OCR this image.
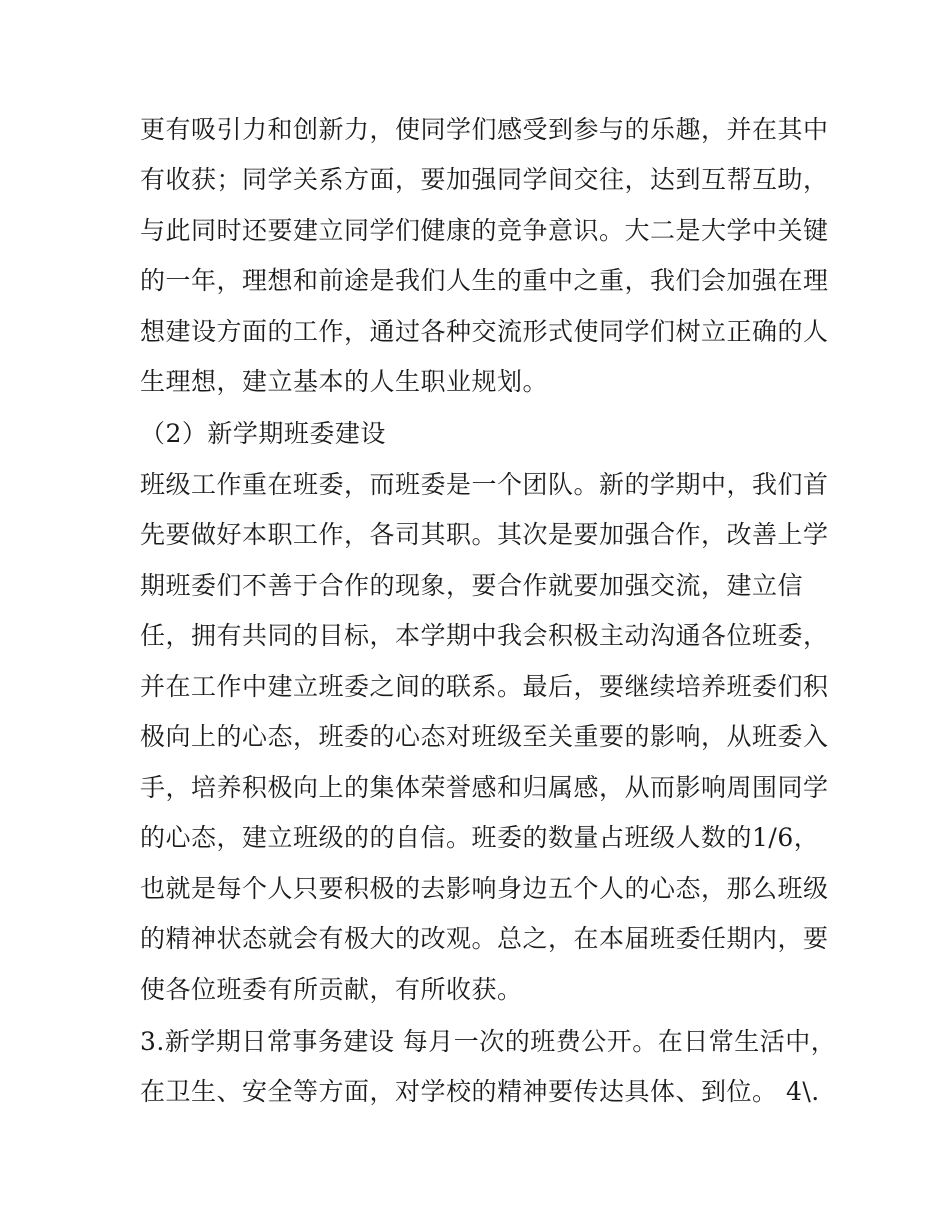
更有吸引力和创新力，使同学们感受到参与的乐趣，并在其中
有收获；同学关系方面，要加强同学间交往，达到互帮互助，
与此同时还要建立同学们健康的竞争意识。大二是大学中关键
的一年，理想和前途是我们人生的重中之重，我们会加强在理
想建设方面的工作，通过各种交流形式使同学们树立正确的人
生理想，建立基本的人生职业规划。
（2）新学期班委建设
班级工作重在班委，而班委是一个团队。新的学期中，我们首
先要做好本职工作，各司其职。其次是要加强合作，改善上学
期班委们不善于合作的现象，要合作就要加强交流，建立信
任，拥有共同的目标，本学期中我会积极主动沟通各位班委，
并在工作中建立班委之间的联系。最后，要继续培养班委们积
极向上的心态，班委的心态对班级至关重要的影响，从班委入
手，培养积极向上的集体荣誉感和归属感，从而影响周围同学
的心态，建立班级的的自信。班委的数量占班级人数的1/6，
也就是每个人只要积极的去影响身边五个人的心态，那么班级
的精神状态就会有极大的改观。总之，在本届班委任期内，要
使各位班委有所贡献，有所收获。
3.新学期日常事务建设 每月一次的班费公开。在日常生活中，
在卫生、安全等方面，对学校的精神要传达具体、到位。 4\.
